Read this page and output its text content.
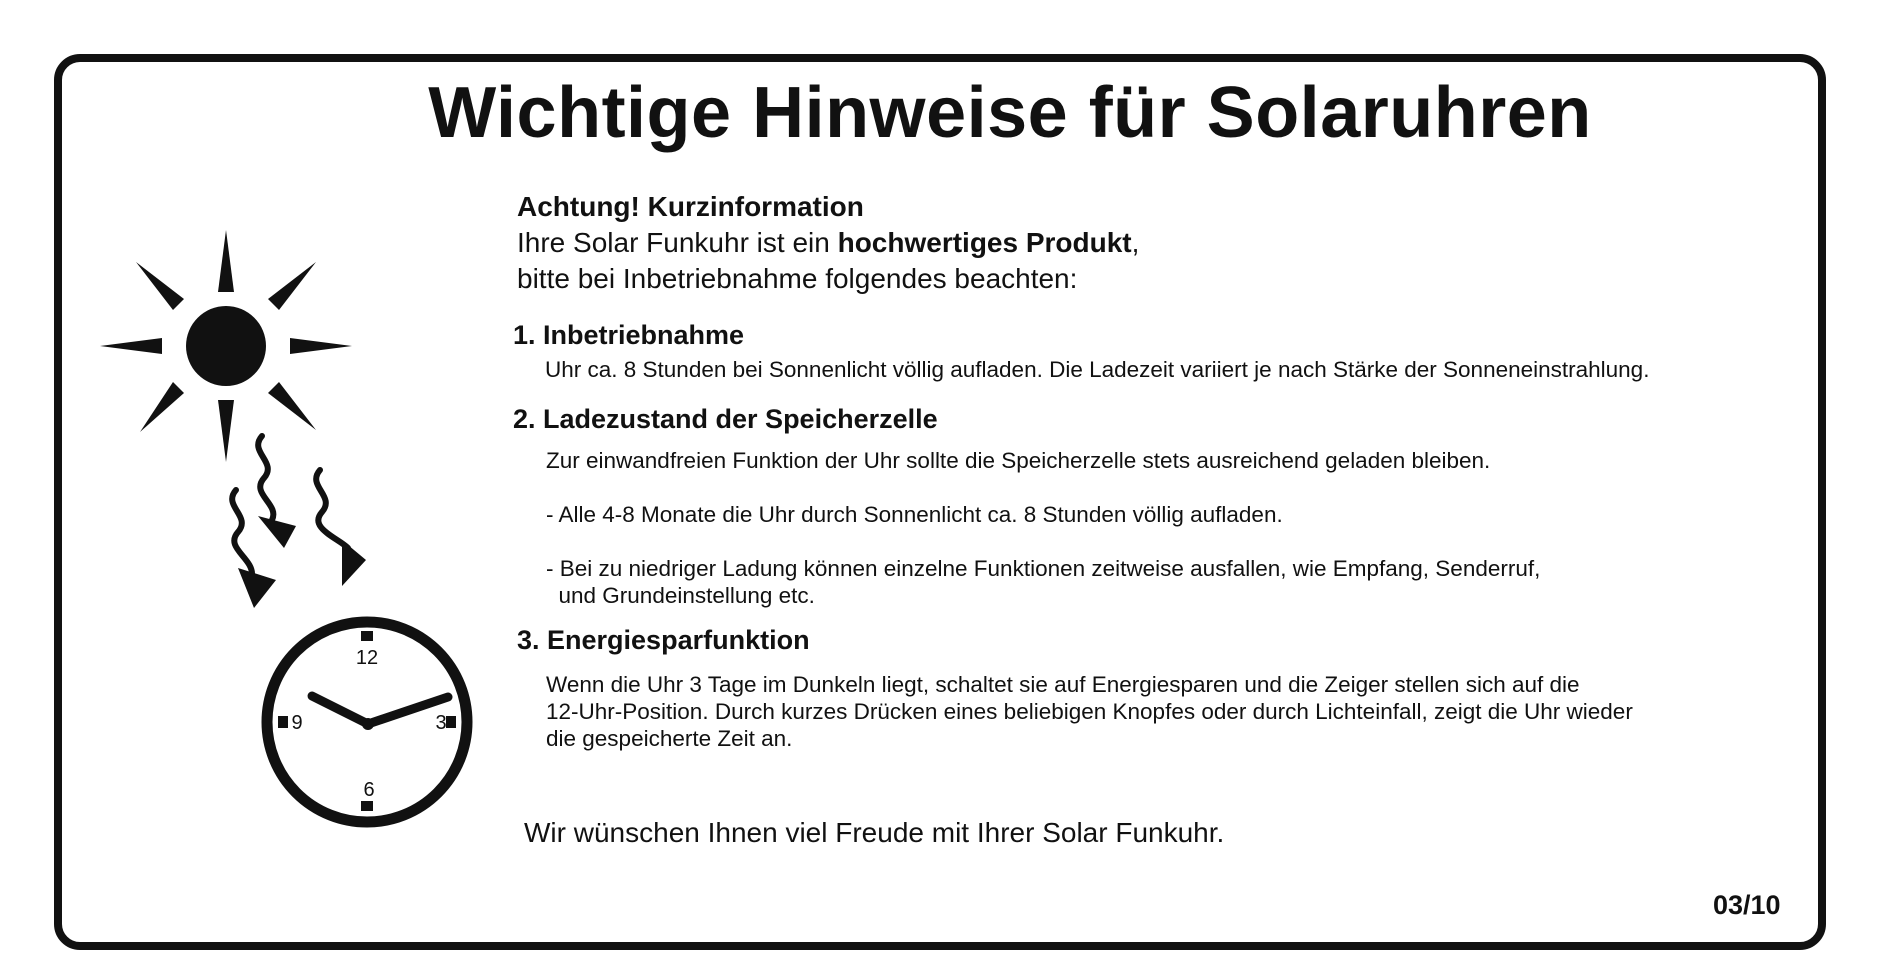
Wichtige Hinweise für Solaruhren
Achtung! Kurzinformation
Ihre Solar Funkuhr ist ein hochwertiges Produkt,
bitte bei Inbetriebnahme folgendes beachten:
1. Inbetriebnahme
Uhr ca. 8 Stunden bei Sonnenlicht völlig aufladen. Die Ladezeit variiert je nach Stärke der Sonneneinstrahlung.
2. Ladezustand der Speicherzelle
Zur einwandfreien Funktion der Uhr sollte die Speicherzelle stets ausreichend geladen bleiben.
- Alle 4-8 Monate die Uhr durch Sonnenlicht ca. 8 Stunden völlig aufladen.
- Bei zu niedriger Ladung können einzelne Funktionen zeitweise ausfallen, wie Empfang, Senderruf,
und Grundeinstellung etc.
3. Energiesparfunktion
Wenn die Uhr 3 Tage im Dunkeln liegt, schaltet sie auf Energiesparen und die Zeiger stellen sich auf die
12-Uhr-Position. Durch kurzes Drücken eines beliebigen Knopfes oder durch Lichteinfall, zeigt die Uhr wieder
die gespeicherte Zeit an.
Wir wünschen Ihnen viel Freude mit Ihrer Solar Funkuhr.
03/10
12
3
6
9
